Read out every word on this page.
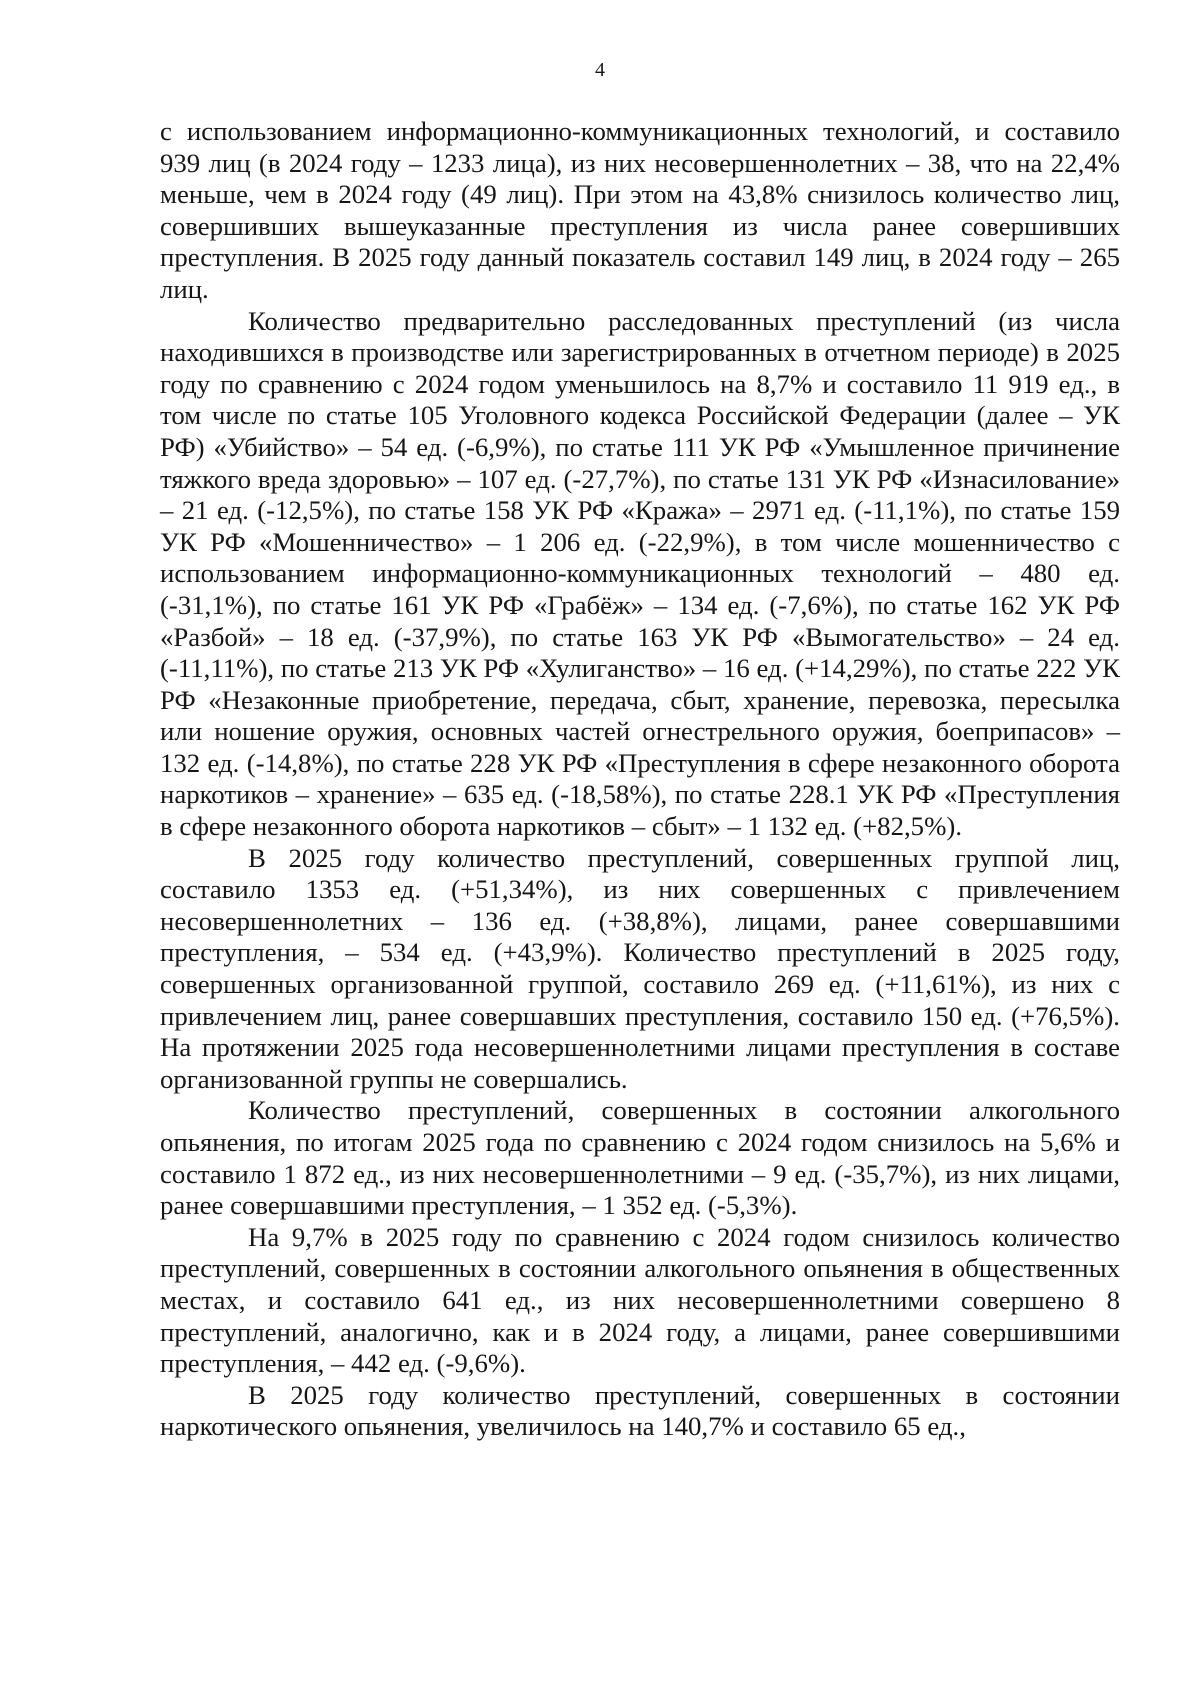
4

с использованием информационно-коммуникационных технологий, и составило 939 лиц (в 2024 году – 1233 лица), из них несовершеннолетних – 38, что на 22,4% меньше, чем в 2024 году (49 лиц). При этом на 43,8% снизилось количество лиц, совершивших вышеуказанные преступления из числа ранее совершивших преступления. В 2025 году данный показатель составил 149 лиц, в 2024 году – 265 лиц.

Количество предварительно расследованных преступлений (из числа находившихся в производстве или зарегистрированных в отчетном периоде) в 2025 году по сравнению с 2024 годом уменьшилось на 8,7% и составило 11 919 ед., в том числе по статье 105 Уголовного кодекса Российской Федерации (далее – УК РФ) «Убийство» – 54 ед. (-6,9%), по статье 111 УК РФ «Умышленное причинение тяжкого вреда здоровью» – 107 ед. (-27,7%), по статье 131 УК РФ «Изнасилование» – 21 ед. (-12,5%), по статье 158 УК РФ «Кража» – 2971 ед. (-11,1%), по статье 159 УК РФ «Мошенничество» – 1 206 ед. (-22,9%), в том числе мошенничество с использованием информационно-коммуникационных технологий – 480 ед. (-31,1%), по статье 161 УК РФ «Грабёж» – 134 ед. (-7,6%), по статье 162 УК РФ «Разбой» – 18 ед. (-37,9%), по статье 163 УК РФ «Вымогательство» – 24 ед. (-11,11%), по статье 213 УК РФ «Хулиганство» – 16 ед. (+14,29%), по статье 222 УК РФ «Незаконные приобретение, передача, сбыт, хранение, перевозка, пересылка или ношение оружия, основных частей огнестрельного оружия, боеприпасов» – 132 ед. (-14,8%), по статье 228 УК РФ «Преступления в сфере незаконного оборота наркотиков – хранение» – 635 ед. (-18,58%), по статье 228.1 УК РФ «Преступления в сфере незаконного оборота наркотиков – сбыт» – 1 132 ед. (+82,5%).

В 2025 году количество преступлений, совершенных группой лиц, составило 1353 ед. (+51,34%), из них совершенных с привлечением несовершеннолетних – 136 ед. (+38,8%), лицами, ранее совершавшими преступления, – 534 ед. (+43,9%). Количество преступлений в 2025 году, совершенных организованной группой, составило 269 ед. (+11,61%), из них с привлечением лиц, ранее совершавших преступления, составило 150 ед. (+76,5%). На протяжении 2025 года несовершеннолетними лицами преступления в составе организованной группы не совершались.

Количество преступлений, совершенных в состоянии алкогольного опьянения, по итогам 2025 года по сравнению с 2024 годом снизилось на 5,6% и составило 1 872 ед., из них несовершеннолетними – 9 ед. (-35,7%), из них лицами, ранее совершавшими преступления, – 1 352 ед. (-5,3%).

На 9,7% в 2025 году по сравнению с 2024 годом снизилось количество преступлений, совершенных в состоянии алкогольного опьянения в общественных местах, и составило 641 ед., из них несовершеннолетними совершено 8 преступлений, аналогично, как и в 2024 году, а лицами, ранее совершившими преступления, – 442 ед. (-9,6%).

В 2025 году количество преступлений, совершенных в состоянии наркотического опьянения, увеличилось на 140,7% и составило 65 ед.,
